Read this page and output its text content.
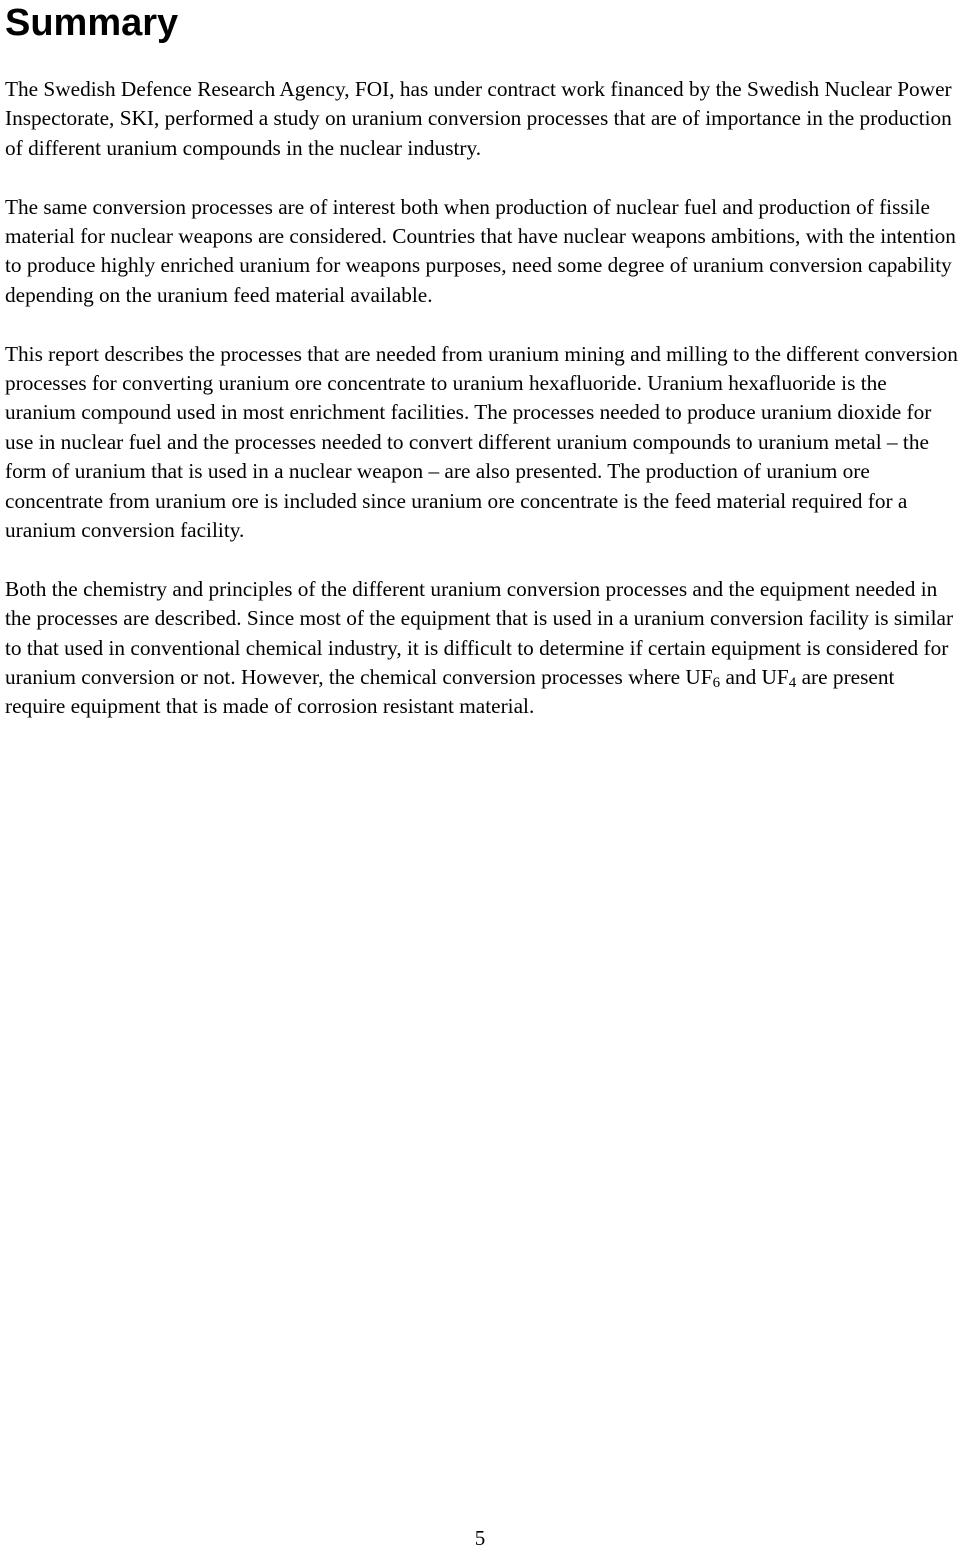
Summary

The Swedish Defence Research Agency, FOI, has under contract work financed by the Swedish Nuclear Power Inspectorate, SKI, performed a study on uranium conversion processes that are of importance in the production of different uranium compounds in the nuclear industry.

The same conversion processes are of interest both when production of nuclear fuel and production of fissile material for nuclear weapons are considered. Countries that have nuclear weapons ambitions, with the intention to produce highly enriched uranium for weapons purposes, need some degree of uranium conversion capability depending on the uranium feed material available.

This report describes the processes that are needed from uranium mining and milling to the different conversion processes for converting uranium ore concentrate to uranium hexafluoride. Uranium hexafluoride is the uranium compound used in most enrichment facilities. The processes needed to produce uranium dioxide for use in nuclear fuel and the processes needed to convert different uranium compounds to uranium metal – the form of uranium that is used in a nuclear weapon – are also presented. The production of uranium ore concentrate from uranium ore is included since uranium ore concentrate is the feed material required for a uranium conversion facility.

Both the chemistry and principles of the different uranium conversion processes and the equipment needed in the processes are described. Since most of the equipment that is used in a uranium conversion facility is similar to that used in conventional chemical industry, it is difficult to determine if certain equipment is considered for uranium conversion or not. However, the chemical conversion processes where $UF_6$ and $UF_4$ are present require equipment that is made of corrosion resistant material.

5
